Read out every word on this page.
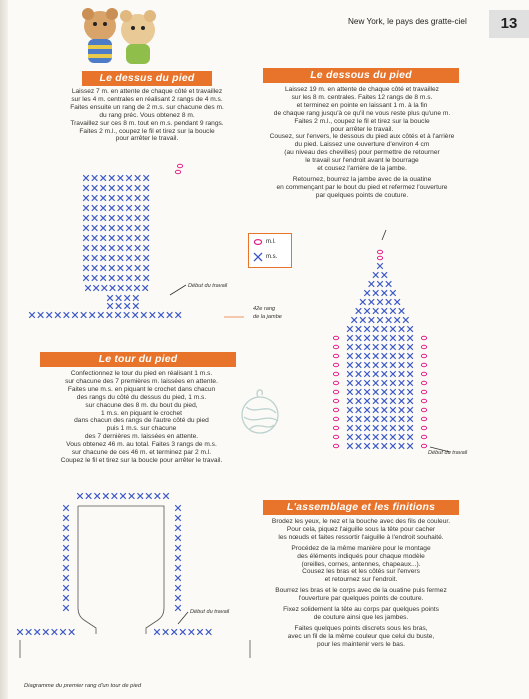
New York, le pays des gratte-ciel	13
Le dessus du pied

Laissez 7 m. en attente de chaque côté et travaillez

sur les 4 m. centrales en réalisant 2 rangs de 4 m.s.

Faites ensuite un rang de 2 m.s. sur chacune des m.

du rang préc. Vous obtenez 8 m.

Travaillez sur ces 8 m. tout en m.s. pendant 9 rangs.

Faites 2 m.l., coupez le fil et tirez sur la boucle

pour arrêter le travail.

Début du travail
42e rang
de la jambe
Le dessous du pied

Laissez 19 m. en attente de chaque côté et travaillez

sur les 8 m. centrales. Faites 12 rangs de 8 m.s.

et terminez en pointe en laissant 1 m. à la fin

de chaque rang jusqu'à ce qu'il ne vous reste plus qu'une m.

Faites 2 m.l., coupez le fil et tirez sur la boucle

pour arrêter le travail.

Cousez, sur l'envers, le dessous du pied aux côtés et à l'arrière

du pied. Laissez une ouverture d'environ 4 cm

(au niveau des chevilles) pour permettre de retourner

le travail sur l'endroit avant le bourrage

et cousez l'arrière de la jambe.

Retournez, bourrez la jambe avec de la ouatine

en commençant par le bout du pied et refermez l'ouverture

par quelques points de couture.

m.l.
m.s.
Début du travail
Le tour du pied

Confectionnez le tour du pied en réalisant 1 m.s.

sur chacune des 7 premières m. laissées en attente.

Faites une m.s. en piquant le crochet dans chacun

des rangs du côté du dessus du pied, 1 m.s.

sur chacune des 8 m. du bout du pied,

1 m.s. en piquant le crochet

dans chacun des rangs de l'autre côté du pied

puis 1 m.s. sur chacune

des 7 dernières m. laissées en attente.

Vous obtenez 46 m. au total. Faites 3 rangs de m.s.

sur chacune de ces 46 m. et terminez par 2 m.l.

Coupez le fil et tirez sur la boucle pour arrêter le travail.

Début du travail
Diagramme du premier rang d'un tour de pied
L'assemblage et les finitions

Brodez les yeux, le nez et la bouche avec des fils de couleur.

Pour cela, piquez l'aiguille sous la tête pour cacher

les nœuds et faites ressortir l'aiguille à l'endroit souhaité.

Procédez de la même manière pour le montage

des éléments indiqués pour chaque modèle

(oreilles, cornes, antennes, chapeaux...).

Cousez les bras et les côtés sur l'envers

et retournez sur l'endroit.

Bourrez les bras et le corps avec de la ouatine puis fermez

l'ouverture par quelques points de couture.

Fixez solidement la tête au corps par quelques points

de couture ainsi que les jambes.

Faites quelques points discrets sous les bras,

avec un fil de la même couleur que celui du buste,

pour les maintenir vers le bas.
